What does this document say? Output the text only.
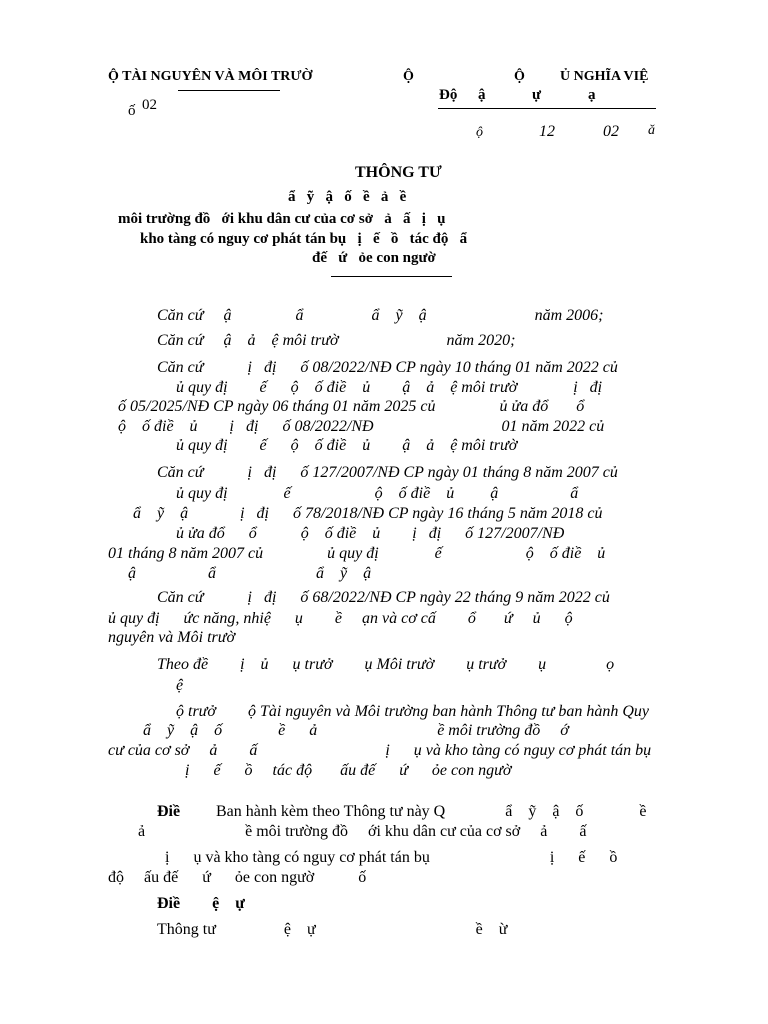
Ộ TÀI NGUYÊN VÀ MÔI TRƯỜ
ố 02
Ộ	Ộ	Ủ NGHĨA VIỆ
Độ ậ	ự	ạ
ộ	12	02 ă
THÔNG TƯ
ẩ   ỹ   ậ   ố   ề   ả   ề
môi trường đồ   ới khu dân cư của cơ sở   ả   ấ   ị   ụ
kho tàng có nguy cơ phát tán bụ   ị   ế   ồ   tác độ   ẩ
đế   ứ   ỏe con ngườ
Căn cứ     ậ                ẩ                 ẩ    ỹ    ậ                           năm 2006;
Căn cứ     ậ    ả    ệ môi trườ                           năm 2020;
Căn cứ           ị   đị      ố 08/2022/NĐ CP ngày 10 tháng 01 năm 2022 củ
ủ quy đị        ế      ộ    ố điề    ủ        ậ    ả    ệ môi trườ              ị   đị
ố 05/2025/NĐ CP ngày 06 tháng 01 năm 2025 củ                ủ ửa đổ       ổ
ộ    ố điề    ủ        ị   đị      ố 08/2022/NĐ                                01 năm 2022 củ
ủ quy đị        ế      ộ    ố điề    ủ        ậ    ả    ệ môi trườ
Căn cứ           ị   đị      ố 127/2007/NĐ CP ngày 01 tháng 8 năm 2007 củ
ủ quy đị              ế                     ộ    ố điề    ủ         ậ                  ẩ
ẩ    ỹ    ậ             ị   đị      ố 78/2018/NĐ CP ngày 16 tháng 5 năm 2018 củ
ủ ửa đổ      ổ           ộ    ố điề    ủ        ị   đị      ố 127/2007/NĐ
01 tháng 8 năm 2007 củ                ủ quy đị              ế                     ộ    ố điề    ủ
ậ                  ẩ                         ẩ    ỹ    ậ
Căn cứ           ị   đị      ố 68/2022/NĐ CP ngày 22 tháng 9 năm 2022 củ
ủ quy đị      ức năng, nhiệ      ụ        ề     ạn và cơ cấ        ổ       ứ     ủ      ộ
nguyên và Môi trườ
Theo đề        ị    ủ      ụ trưở        ụ Môi trườ        ụ trưở        ụ               ọ
ệ
ộ trưở        ộ Tài nguyên và Môi trường ban hành Thông tư ban hành Quy
ẩ    ỹ    ậ    ố              ề      ả                              ề môi trường đồ     ớ
cư của cơ sở     ả        ấ                                ị      ụ và kho tàng có nguy cơ phát tán bụ
ị      ế      ồ     tác độ       ấu đế      ứ      ỏe con ngườ
Điề Ban hành kèm theo Thông tư này Q               ẩ    ỹ    ậ    ố              ề
ả                         ề môi trường đồ     ới khu dân cư của cơ sở     ả        ấ
ị      ụ và kho tàng có nguy cơ phát tán bụ                              ị      ế      ồ
độ     ấu đế      ứ      ỏe con ngườ           ố
Điề        ệ    ự
Thông tư                 ệ    ự                                        ề    ừ
